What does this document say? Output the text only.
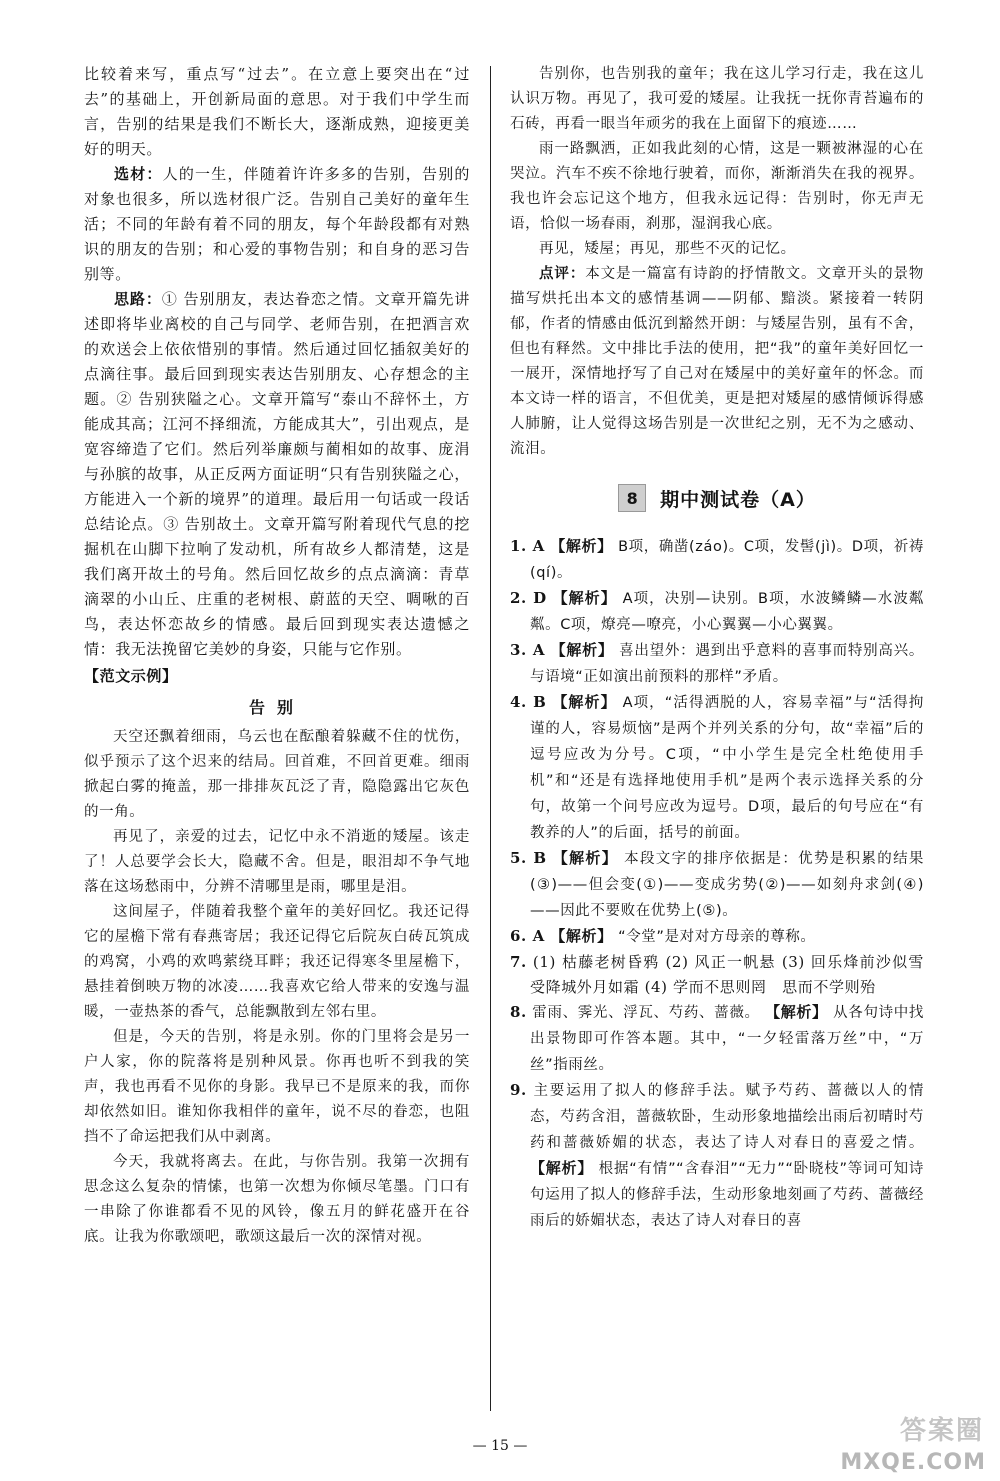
比较着来写，重点写“过去”。在立意上要突出在“过去”的基础上，开创新局面的意思。对于我们中学生而言，告别的结果是我们不断长大，逐渐成熟，迎接更美好的明天。

选材：人的一生，伴随着许许多多的告别，告别的对象也很多，所以选材很广泛。告别自己美好的童年生活；不同的年龄有着不同的朋友，每个年龄段都有对熟识的朋友的告别；和心爱的事物告别；和自身的恶习告别等。

思路：① 告别朋友，表达眷恋之情。文章开篇先讲述即将毕业离校的自己与同学、老师告别，在把酒言欢的欢送会上依依惜别的事情。然后通过回忆插叙美好的点滴往事。最后回到现实表达告别朋友、心存想念的主题。② 告别狭隘之心。文章开篇写“泰山不辞怀土，方能成其高；江河不择细流，方能成其大”，引出观点，是宽容缔造了它们。然后列举廉颇与蔺相如的故事、庞涓与孙膑的故事，从正反两方面证明“只有告别狭隘之心，方能进入一个新的境界”的道理。最后用一句话或一段话总结论点。③ 告别故土。文章开篇写附着现代气息的挖掘机在山脚下拉响了发动机，所有故乡人都清楚，这是我们离开故土的号角。然后回忆故乡的点点滴滴：青草滴翠的小山丘、庄重的老树根、蔚蓝的天空、啁啾的百鸟，表达怀恋故乡的情感。最后回到现实表达遗憾之情：我无法挽留它美妙的身姿，只能与它作别。

【范文示例】

告别

天空还飘着细雨，乌云也在酝酿着躲藏不住的忧伤，似乎预示了这个迟来的结局。回首难，不回首更难。细雨掀起白雾的掩盖，那一排排灰瓦泛了青，隐隐露出它灰色的一角。

再见了，亲爱的过去，记忆中永不消逝的矮屋。该走了！人总要学会长大，隐藏不舍。但是，眼泪却不争气地落在这场愁雨中，分辨不清哪里是雨，哪里是泪。

这间屋子，伴随着我整个童年的美好回忆。我还记得它的屋檐下常有春燕寄居；我还记得它后院灰白砖瓦筑成的鸡窝，小鸡的欢鸣萦绕耳畔；我还记得寒冬里屋檐下，悬挂着倒映万物的冰凌……我喜欢它给人带来的安逸与温暖，一壶热茶的香气，总能飘散到左邻右里。

但是，今天的告别，将是永别。你的门里将会是另一户人家，你的院落将是别种风景。你再也听不到我的笑声，我也再看不见你的身影。我早已不是原来的我，而你却依然如旧。谁知你我相伴的童年，说不尽的眷恋，也阻挡不了命运把我们从中剥离。

今天，我就将离去。在此，与你告别。我第一次拥有思念这么复杂的情愫，也第一次想为你倾尽笔墨。门口有一串除了你谁都看不见的风铃，像五月的鲜花盛开在谷底。让我为你歌颂吧，歌颂这最后一次的深情对视。

告别你，也告别我的童年；我在这儿学习行走，我在这儿认识万物。再见了，我可爱的矮屋。让我抚一抚你青苔遍布的石砖，再看一眼当年顽劣的我在上面留下的痕迹……

雨一路飘洒，正如我此刻的心情，这是一颗被淋湿的心在哭泣。汽车不疾不徐地行驶着，而你，渐渐消失在我的视界。我也许会忘记这个地方，但我永远记得：告别时，你无声无语，恰似一场春雨，刹那，湿润我心底。

再见，矮屋；再见，那些不灭的记忆。

点评：本文是一篇富有诗韵的抒情散文。文章开头的景物描写烘托出本文的感情基调——阴郁、黯淡。紧接着一转阴郁，作者的情感由低沉到豁然开朗：与矮屋告别，虽有不舍，但也有释然。文中排比手法的使用，把“我”的童年美好回忆一一展开，深情地抒写了自己对在矮屋中的美好童年的怀念。而本文诗一样的语言，不但优美，更是把对矮屋的感情倾诉得感人肺腑，让人觉得这场告别是一次世纪之别，无不为之感动、流泪。

8	期中测试卷（A）

1. A 【解析】 B项，确凿(záo)。C项，发髻(jì)。D项，祈祷(qí)。

2. D 【解析】 A项，决别—诀别。B项，水波鳞鳞—水波粼粼。C项，燎亮—嘹亮，小心翼翼—小心翼翼。

3. A 【解析】 喜出望外：遇到出乎意料的喜事而特别高兴。与语境“正如演出前预料的那样”矛盾。

4. B 【解析】 A项，“活得洒脱的人，容易幸福”与“活得拘谨的人，容易烦恼”是两个并列关系的分句，故“幸福”后的逗号应改为分号。C项，“中小学生是完全杜绝使用手机”和“还是有选择地使用手机”是两个表示选择关系的分句，故第一个问号应改为逗号。D项，最后的句号应在“有教养的人”的后面，括号的前面。

5. B 【解析】 本段文字的排序依据是：优势是积累的结果(③)——但会变(①)——变成劣势(②)——如刻舟求剑(④)——因此不要败在优势上(⑤)。

6. A 【解析】 “令堂”是对对方母亲的尊称。

7. (1) 枯藤老树昏鸦 (2) 风正一帆悬 (3) 回乐烽前沙似雪　受降城外月如霜 (4) 学而不思则罔　思而不学则殆

8. 雷雨、霁光、浮瓦、芍药、蔷薇。 【解析】 从各句诗中找出景物即可作答本题。其中，“一夕轻雷落万丝”中，“万丝”指雨丝。

9. 主要运用了拟人的修辞手法。赋予芍药、蔷薇以人的情态，芍药含泪，蔷薇软卧，生动形象地描绘出雨后初晴时芍药和蔷薇娇媚的状态，表达了诗人对春日的喜爱之情。 【解析】 根据“有情”“含春泪”“无力”“卧晓枝”等词可知诗句运用了拟人的修辞手法，生动形象地刻画了芍药、蔷薇经雨后的娇媚状态，表达了诗人对春日的喜

— 15 —	答案圈
MXQE.COM
